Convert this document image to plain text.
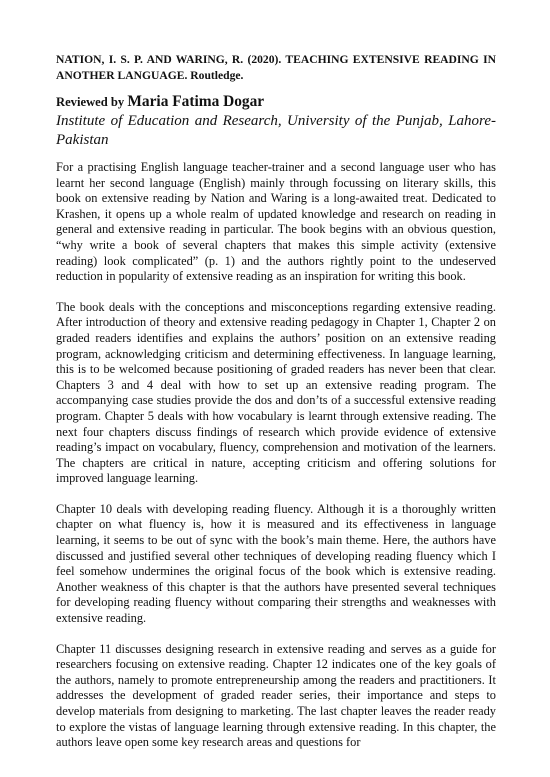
NATION, I. S. P. AND WARING, R. (2020). TEACHING EXTENSIVE READING IN ANOTHER LANGUAGE. Routledge.

Reviewed by Maria Fatima Dogar

Institute of Education and Research, University of the Punjab, Lahore-Pakistan

For a practising English language teacher-trainer and a second language user who has learnt her second language (English) mainly through focussing on literary skills, this book on extensive reading by Nation and Waring is a long-awaited treat. Dedicated to Krashen, it opens up a whole realm of updated knowledge and research on reading in general and extensive reading in particular. The book begins with an obvious question, “why write a book of several chapters that makes this simple activity (extensive reading) look complicated” (p. 1) and the authors rightly point to the undeserved reduction in popularity of extensive reading as an inspiration for writing this book.

The book deals with the conceptions and misconceptions regarding extensive reading. After introduction of theory and extensive reading pedagogy in Chapter 1, Chapter 2 on graded readers identifies and explains the authors’ position on an extensive reading program, acknowledging criticism and determining effectiveness. In language learning, this is to be welcomed because positioning of graded readers has never been that clear. Chapters 3 and 4 deal with how to set up an extensive reading program. The accompanying case studies provide the dos and don’ts of a successful extensive reading program. Chapter 5 deals with how vocabulary is learnt through extensive reading. The next four chapters discuss findings of research which provide evidence of extensive reading’s impact on vocabulary, fluency, comprehension and motivation of the learners. The chapters are critical in nature, accepting criticism and offering solutions for improved language learning.

Chapter 10 deals with developing reading fluency. Although it is a thoroughly written chapter on what fluency is, how it is measured and its effectiveness in language learning, it seems to be out of sync with the book’s main theme. Here, the authors have discussed and justified several other techniques of developing reading fluency which I feel somehow undermines the original focus of the book which is extensive reading. Another weakness of this chapter is that the authors have presented several techniques for developing reading fluency without comparing their strengths and weaknesses with extensive reading.

Chapter 11 discusses designing research in extensive reading and serves as a guide for researchers focusing on extensive reading. Chapter 12 indicates one of the key goals of the authors, namely to promote entrepreneurship among the readers and practitioners. It addresses the development of graded reader series, their importance and steps to develop materials from designing to marketing. The last chapter leaves the reader ready to explore the vistas of language learning through extensive reading. In this chapter, the authors leave open some key research areas and questions for
